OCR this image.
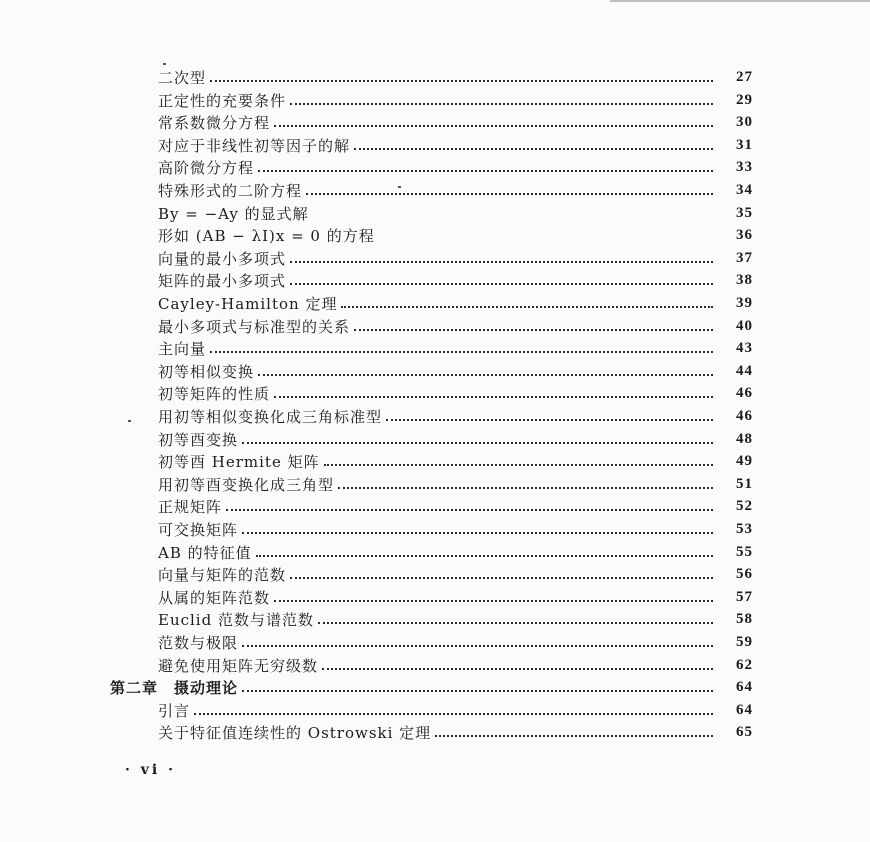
二次型	27
正定性的充要条件	29
常系数微分方程	30
对应于非线性初等因子的解	31
高阶微分方程	33
特殊形式的二阶方程	34
By = −Ay 的显式解	35
形如 (AB − λI)x = 0 的方程	36
向量的最小多项式	37
矩阵的最小多项式	38
Cayley-Hamilton 定理	39
最小多项式与标准型的关系	40
主向量	43
初等相似变换	44
初等矩阵的性质	46
用初等相似变换化成三角标准型	46
初等酉变换	48
初等酉 Hermite 矩阵	49
用初等酉变换化成三角型	51
正规矩阵	52
可交换矩阵	53
AB 的特征值	55
向量与矩阵的范数	56
从属的矩阵范数	57
Euclid 范数与谱范数	58
范数与极限	59
避免使用矩阵无穷级数	62
第二章　摄动理论	64
引言	64
关于特征值连续性的 Ostrowski 定理	65
· vi ·
